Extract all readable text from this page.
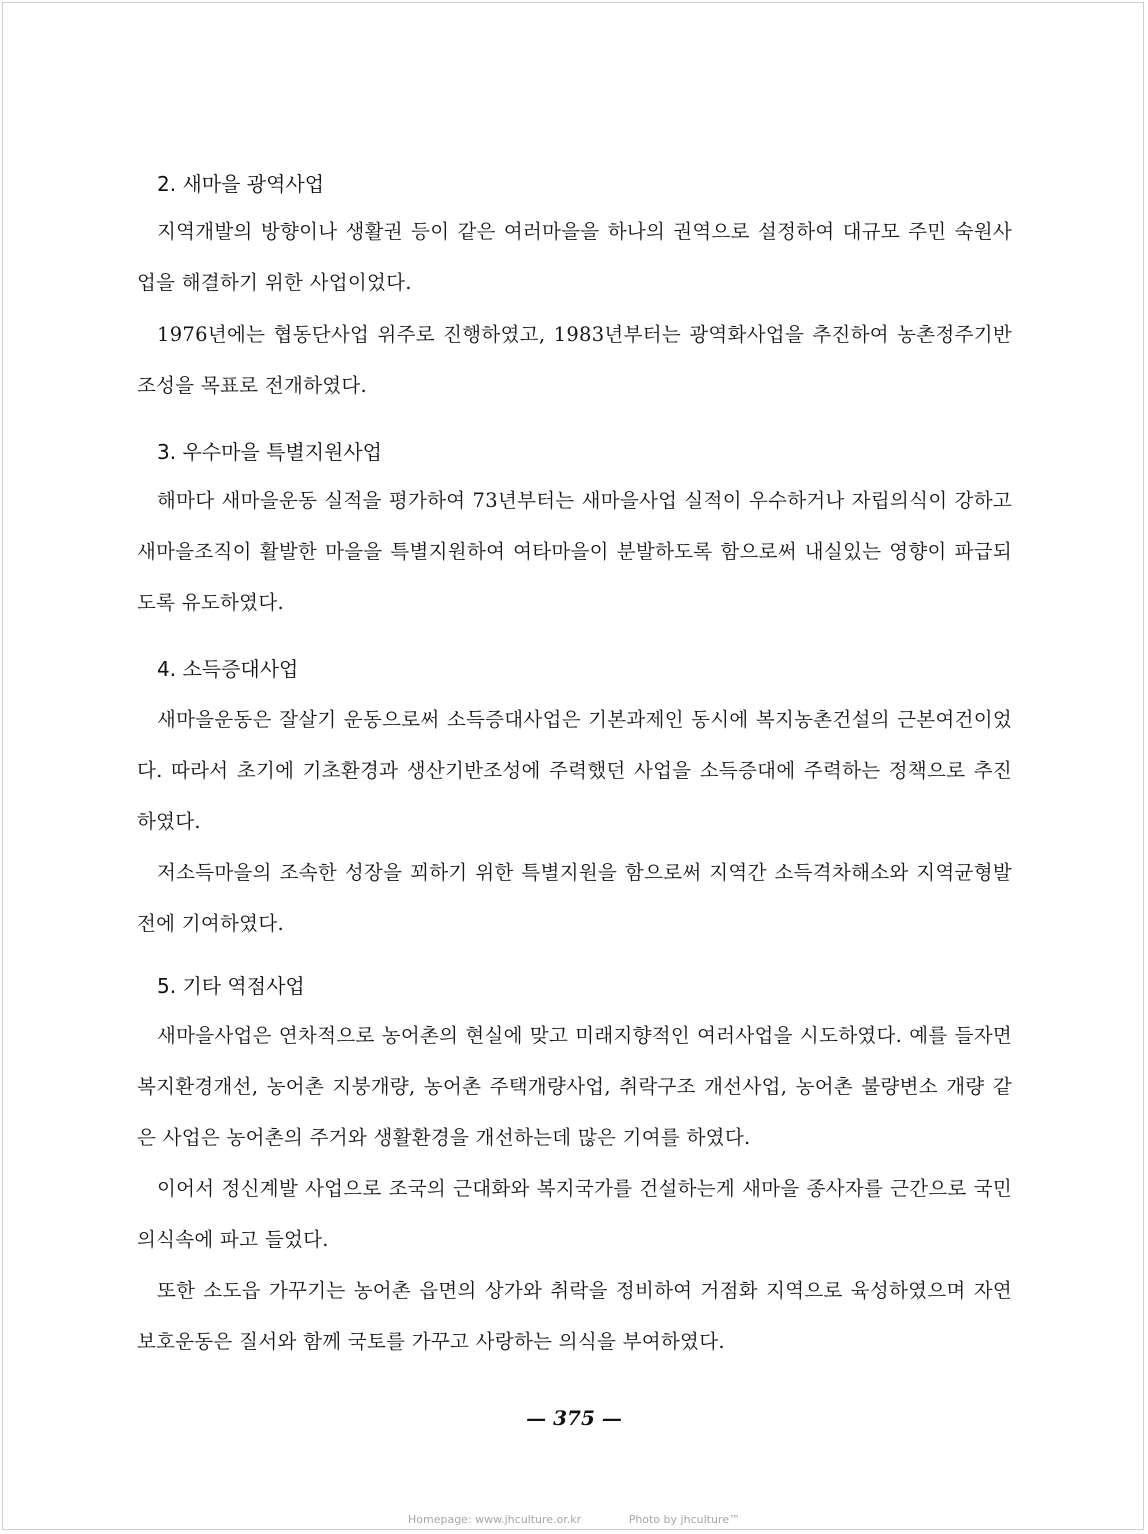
2. 새마을 광역사업

지역개발의 방향이나 생활권 등이 같은 여러마을을 하나의 권역으로 설정하여 대규모 주민 숙원사업을 해결하기 위한 사업이었다.

1976년에는 협동단사업 위주로 진행하였고, 1983년부터는 광역화사업을 추진하여 농촌정주기반조성을 목표로 전개하였다.

3. 우수마을 특별지원사업

해마다 새마을운동 실적을 평가하여 73년부터는 새마을사업 실적이 우수하거나 자립의식이 강하고 새마을조직이 활발한 마을을 특별지원하여 여타마을이 분발하도록 함으로써 내실있는 영향이 파급되도록 유도하였다.

4. 소득증대사업

새마을운동은 잘살기 운동으로써 소득증대사업은 기본과제인 동시에 복지농촌건설의 근본여건이었다. 따라서 초기에 기초환경과 생산기반조성에 주력했던 사업을 소득증대에 주력하는 정책으로 추진하였다.

저소득마을의 조속한 성장을 꾀하기 위한 특별지원을 함으로써 지역간 소득격차해소와 지역균형발전에 기여하였다.

5. 기타 역점사업

새마을사업은 연차적으로 농어촌의 현실에 맞고 미래지향적인 여러사업을 시도하였다. 예를 들자면 복지환경개선, 농어촌 지붕개량, 농어촌 주택개량사업, 취락구조 개선사업, 농어촌 불량변소 개량 같은 사업은 농어촌의 주거와 생활환경을 개선하는데 많은 기여를 하였다.

이어서 정신계발 사업으로 조국의 근대화와 복지국가를 건설하는게 새마을 종사자를 근간으로 국민의식속에 파고 들었다.

또한 소도읍 가꾸기는 농어촌 읍면의 상가와 취락을 정비하여 거점화 지역으로 육성하였으며 자연보호운동은 질서와 함께 국토를 가꾸고 사랑하는 의식을 부여하였다.

— 375 —
Homepage: www.jhculture.or.kr	Photo by jhculture™
